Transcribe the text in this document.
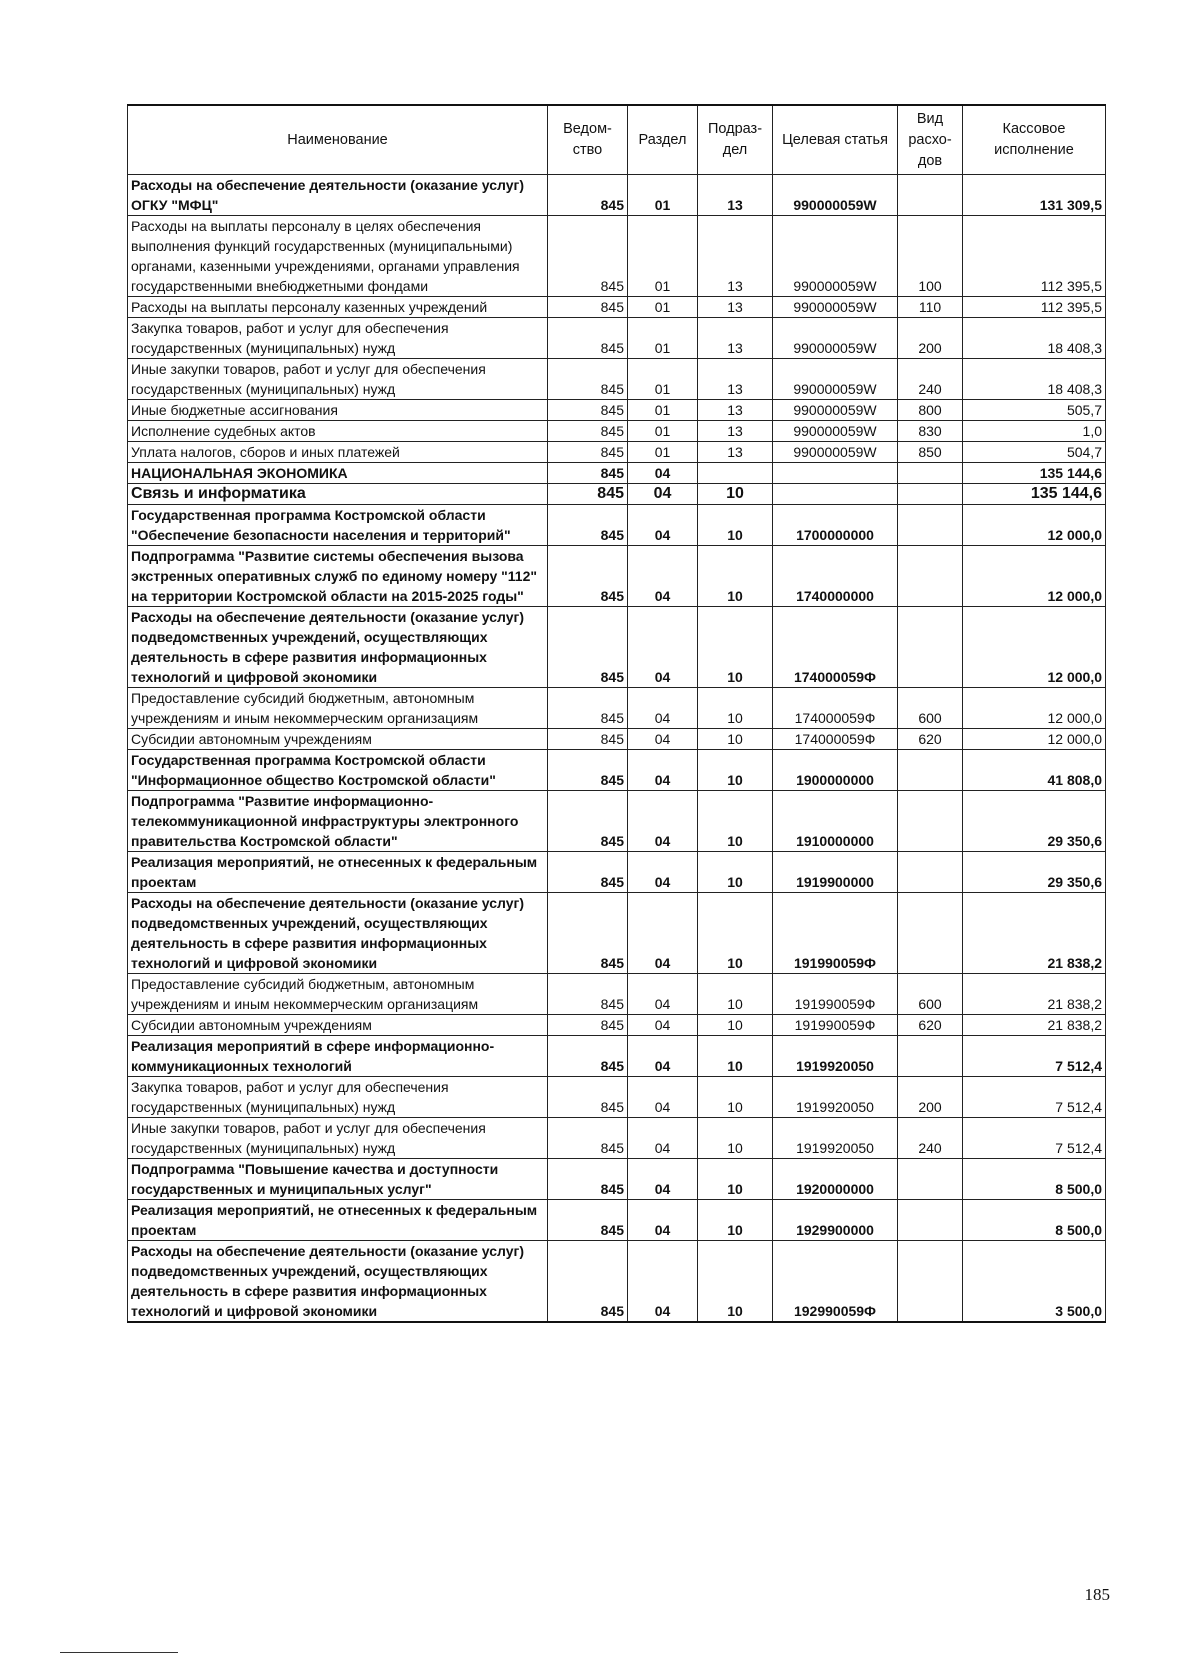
Наименование	Ведом-ство	Раздел	Подраз-дел	Целевая статья	Вид расхо-дов	Кассовое исполнение
Расходы на обеспечение деятельности (оказание услуг) ОГКУ "МФЦ"	845	01	13	990000059W		131 309,5
Расходы на выплаты персоналу в целях обеспечения выполнения функций государственных (муниципальными) органами, казенными учреждениями, органами управления государственными внебюджетными фондами	845	01	13	990000059W	100	112 395,5
Расходы на выплаты персоналу казенных учреждений	845	01	13	990000059W	110	112 395,5
Закупка товаров, работ и услуг для обеспечения государственных (муниципальных) нужд	845	01	13	990000059W	200	18 408,3
Иные закупки товаров, работ и услуг для обеспечения государственных (муниципальных) нужд	845	01	13	990000059W	240	18 408,3
Иные бюджетные ассигнования	845	01	13	990000059W	800	505,7
Исполнение судебных актов	845	01	13	990000059W	830	1,0
Уплата налогов, сборов и иных платежей	845	01	13	990000059W	850	504,7
НАЦИОНАЛЬНАЯ ЭКОНОМИКА	845	04				135 144,6
Связь и информатика	845	04	10			135 144,6
Государственная программа Костромской области "Обеспечение безопасности населения и территорий"	845	04	10	1700000000		12 000,0
Подпрограмма "Развитие системы обеспечения вызова экстренных оперативных служб по единому номеру "112" на территории Костромской области на 2015-2025 годы"	845	04	10	1740000000		12 000,0
Расходы на обеспечение деятельности (оказание услуг) подведомственных учреждений, осуществляющих деятельность в сфере развития информационных технологий и цифровой экономики	845	04	10	174000059Ф		12 000,0
Предоставление субсидий бюджетным, автономным учреждениям и иным некоммерческим организациям	845	04	10	174000059Ф	600	12 000,0
Субсидии автономным учреждениям	845	04	10	174000059Ф	620	12 000,0
Государственная программа Костромской области "Информационное общество Костромской области"	845	04	10	1900000000		41 808,0
Подпрограмма "Развитие информационно-телекоммуникационной инфраструктуры электронного правительства Костромской области"	845	04	10	1910000000		29 350,6
Реализация мероприятий, не отнесенных к федеральным проектам	845	04	10	1919900000		29 350,6
Расходы на обеспечение деятельности (оказание услуг) подведомственных учреждений, осуществляющих деятельность в сфере развития информационных технологий и цифровой экономики	845	04	10	191990059Ф		21 838,2
Предоставление субсидий бюджетным, автономным учреждениям и иным некоммерческим организациям	845	04	10	191990059Ф	600	21 838,2
Субсидии автономным учреждениям	845	04	10	191990059Ф	620	21 838,2
Реализация мероприятий в сфере информационно-коммуникационных технологий	845	04	10	1919920050		7 512,4
Закупка товаров, работ и услуг для обеспечения государственных (муниципальных) нужд	845	04	10	1919920050	200	7 512,4
Иные закупки товаров, работ и услуг для обеспечения государственных (муниципальных) нужд	845	04	10	1919920050	240	7 512,4
Подпрограмма "Повышение качества и доступности государственных и муниципальных услуг"	845	04	10	1920000000		8 500,0
Реализация мероприятий, не отнесенных к федеральным проектам	845	04	10	1929900000		8 500,0
Расходы на обеспечение деятельности (оказание услуг) подведомственных учреждений, осуществляющих деятельность в сфере развития информационных технологий и цифровой экономики	845	04	10	192990059Ф		3 500,0
185
